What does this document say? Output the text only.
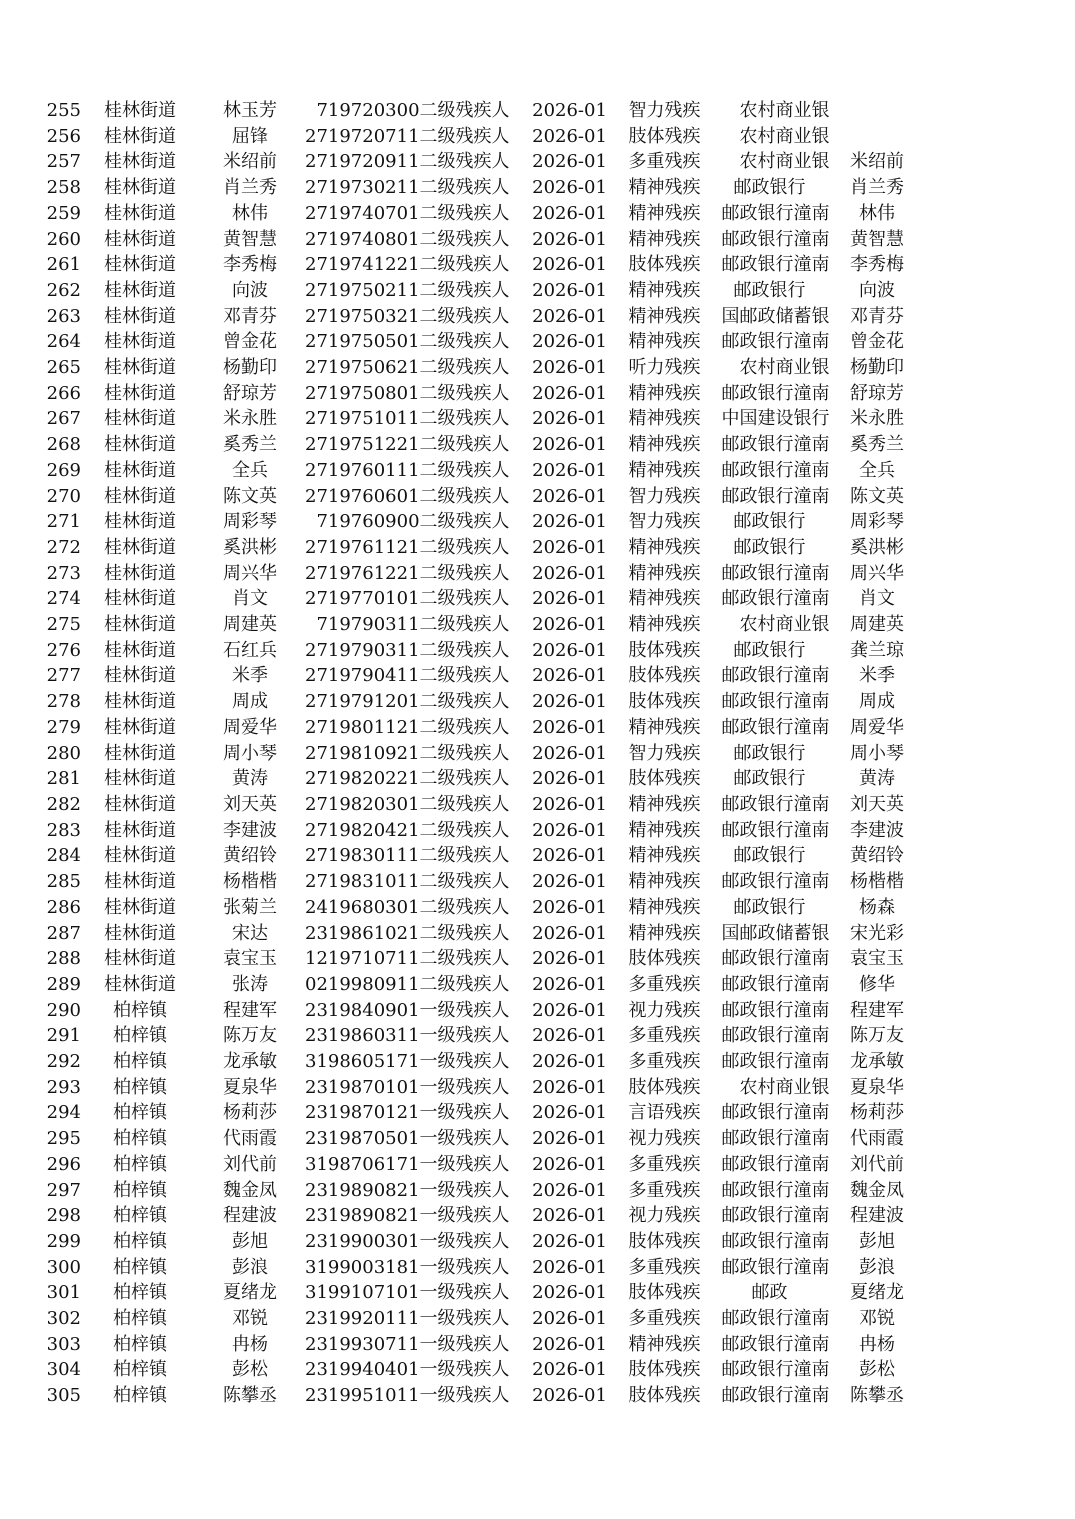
255	桂林街道	林玉芳	719720300	二级残疾人	2026-01	智力残疾	农村商业银	
256	桂林街道	屈锋	2719720711	二级残疾人	2026-01	肢体残疾	农村商业银	
257	桂林街道	米绍前	2719720911	二级残疾人	2026-01	多重残疾	农村商业银	米绍前
258	桂林街道	肖兰秀	2719730211	二级残疾人	2026-01	精神残疾	邮政银行	肖兰秀
259	桂林街道	林伟	2719740701	二级残疾人	2026-01	精神残疾	邮政银行潼南	林伟
260	桂林街道	黄智慧	2719740801	二级残疾人	2026-01	精神残疾	邮政银行潼南	黄智慧
261	桂林街道	李秀梅	2719741221	二级残疾人	2026-01	肢体残疾	邮政银行潼南	李秀梅
262	桂林街道	向波	2719750211	二级残疾人	2026-01	精神残疾	邮政银行	向波
263	桂林街道	邓青芬	2719750321	二级残疾人	2026-01	精神残疾	国邮政储蓄银	邓青芬
264	桂林街道	曾金花	2719750501	二级残疾人	2026-01	精神残疾	邮政银行潼南	曾金花
265	桂林街道	杨勤印	2719750621	二级残疾人	2026-01	听力残疾	农村商业银	杨勤印
266	桂林街道	舒琼芳	2719750801	二级残疾人	2026-01	精神残疾	邮政银行潼南	舒琼芳
267	桂林街道	米永胜	2719751011	二级残疾人	2026-01	精神残疾	中国建设银行	米永胜
268	桂林街道	奚秀兰	2719751221	二级残疾人	2026-01	精神残疾	邮政银行潼南	奚秀兰
269	桂林街道	全兵	2719760111	二级残疾人	2026-01	精神残疾	邮政银行潼南	全兵
270	桂林街道	陈文英	2719760601	二级残疾人	2026-01	智力残疾	邮政银行潼南	陈文英
271	桂林街道	周彩琴	719760900	二级残疾人	2026-01	智力残疾	邮政银行	周彩琴
272	桂林街道	奚洪彬	2719761121	二级残疾人	2026-01	精神残疾	邮政银行	奚洪彬
273	桂林街道	周兴华	2719761221	二级残疾人	2026-01	精神残疾	邮政银行潼南	周兴华
274	桂林街道	肖文	2719770101	二级残疾人	2026-01	精神残疾	邮政银行潼南	肖文
275	桂林街道	周建英	719790311	二级残疾人	2026-01	精神残疾	农村商业银	周建英
276	桂林街道	石红兵	2719790311	二级残疾人	2026-01	肢体残疾	邮政银行	龚兰琼
277	桂林街道	米季	2719790411	二级残疾人	2026-01	肢体残疾	邮政银行潼南	米季
278	桂林街道	周成	2719791201	二级残疾人	2026-01	肢体残疾	邮政银行潼南	周成
279	桂林街道	周爱华	2719801121	二级残疾人	2026-01	精神残疾	邮政银行潼南	周爱华
280	桂林街道	周小琴	2719810921	二级残疾人	2026-01	智力残疾	邮政银行	周小琴
281	桂林街道	黄涛	2719820221	二级残疾人	2026-01	肢体残疾	邮政银行	黄涛
282	桂林街道	刘天英	2719820301	二级残疾人	2026-01	精神残疾	邮政银行潼南	刘天英
283	桂林街道	李建波	2719820421	二级残疾人	2026-01	精神残疾	邮政银行潼南	李建波
284	桂林街道	黄绍铃	2719830111	二级残疾人	2026-01	精神残疾	邮政银行	黄绍铃
285	桂林街道	杨楷楷	2719831011	二级残疾人	2026-01	精神残疾	邮政银行潼南	杨楷楷
286	桂林街道	张菊兰	2419680301	二级残疾人	2026-01	精神残疾	邮政银行	杨森
287	桂林街道	宋达	2319861021	二级残疾人	2026-01	精神残疾	国邮政储蓄银	宋光彩
288	桂林街道	袁宝玉	1219710711	二级残疾人	2026-01	肢体残疾	邮政银行潼南	袁宝玉
289	桂林街道	张涛	0219980911	二级残疾人	2026-01	多重残疾	邮政银行潼南	修华
290	柏梓镇	程建军	2319840901	一级残疾人	2026-01	视力残疾	邮政银行潼南	程建军
291	柏梓镇	陈万友	2319860311	一级残疾人	2026-01	多重残疾	邮政银行潼南	陈万友
292	柏梓镇	龙承敏	3198605171	一级残疾人	2026-01	多重残疾	邮政银行潼南	龙承敏
293	柏梓镇	夏泉华	2319870101	一级残疾人	2026-01	肢体残疾	农村商业银	夏泉华
294	柏梓镇	杨莉莎	2319870121	一级残疾人	2026-01	言语残疾	邮政银行潼南	杨莉莎
295	柏梓镇	代雨霞	2319870501	一级残疾人	2026-01	视力残疾	邮政银行潼南	代雨霞
296	柏梓镇	刘代前	3198706171	一级残疾人	2026-01	多重残疾	邮政银行潼南	刘代前
297	柏梓镇	魏金凤	2319890821	一级残疾人	2026-01	多重残疾	邮政银行潼南	魏金凤
298	柏梓镇	程建波	2319890821	一级残疾人	2026-01	视力残疾	邮政银行潼南	程建波
299	柏梓镇	彭旭	2319900301	一级残疾人	2026-01	肢体残疾	邮政银行潼南	彭旭
300	柏梓镇	彭浪	3199003181	一级残疾人	2026-01	多重残疾	邮政银行潼南	彭浪
301	柏梓镇	夏绪龙	3199107101	一级残疾人	2026-01	肢体残疾	邮政	夏绪龙
302	柏梓镇	邓锐	2319920111	一级残疾人	2026-01	多重残疾	邮政银行潼南	邓锐
303	柏梓镇	冉杨	2319930711	一级残疾人	2026-01	精神残疾	邮政银行潼南	冉杨
304	柏梓镇	彭松	2319940401	一级残疾人	2026-01	肢体残疾	邮政银行潼南	彭松
305	柏梓镇	陈攀丞	2319951011	一级残疾人	2026-01	肢体残疾	邮政银行潼南	陈攀丞
